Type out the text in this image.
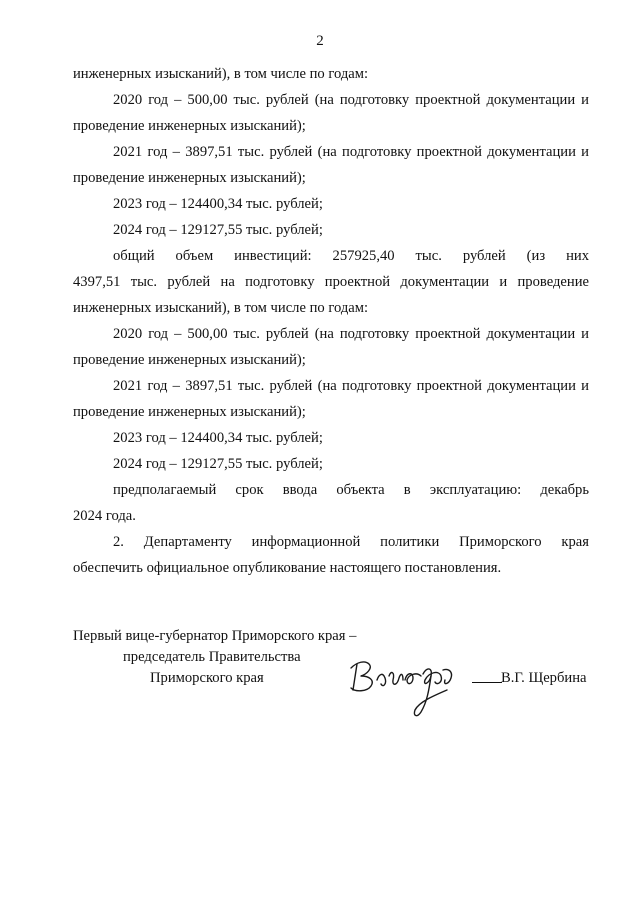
2

инженерных изысканий), в том числе по годам:

2020 год – 500,00 тыс. рублей (на подготовку проектной документации и
проведение инженерных изысканий);

2021 год – 3897,51 тыс. рублей (на подготовку проектной документации и
проведение инженерных изысканий);

2023 год – 124400,34 тыс. рублей;

2024 год – 129127,55 тыс. рублей;

общий объем инвестиций: 257925,40 тыс. рублей (из них
4397,51 тыс. рублей на подготовку проектной документации и проведение
инженерных изысканий), в том числе по годам:

2020 год – 500,00 тыс. рублей (на подготовку проектной документации и
проведение инженерных изысканий);

2021 год – 3897,51 тыс. рублей (на подготовку проектной документации и
проведение инженерных изысканий);

2023 год – 124400,34 тыс. рублей;

2024 год – 129127,55 тыс. рублей;

предполагаемый срок ввода объекта в эксплуатацию: декабрь
2024 года.

2. Департаменту информационной политики Приморского края
обеспечить официальное опубликование настоящего постановления.

Первый вице-губернатор Приморского края –
председатель Правительства
Приморского края	В.Г. Щербина
